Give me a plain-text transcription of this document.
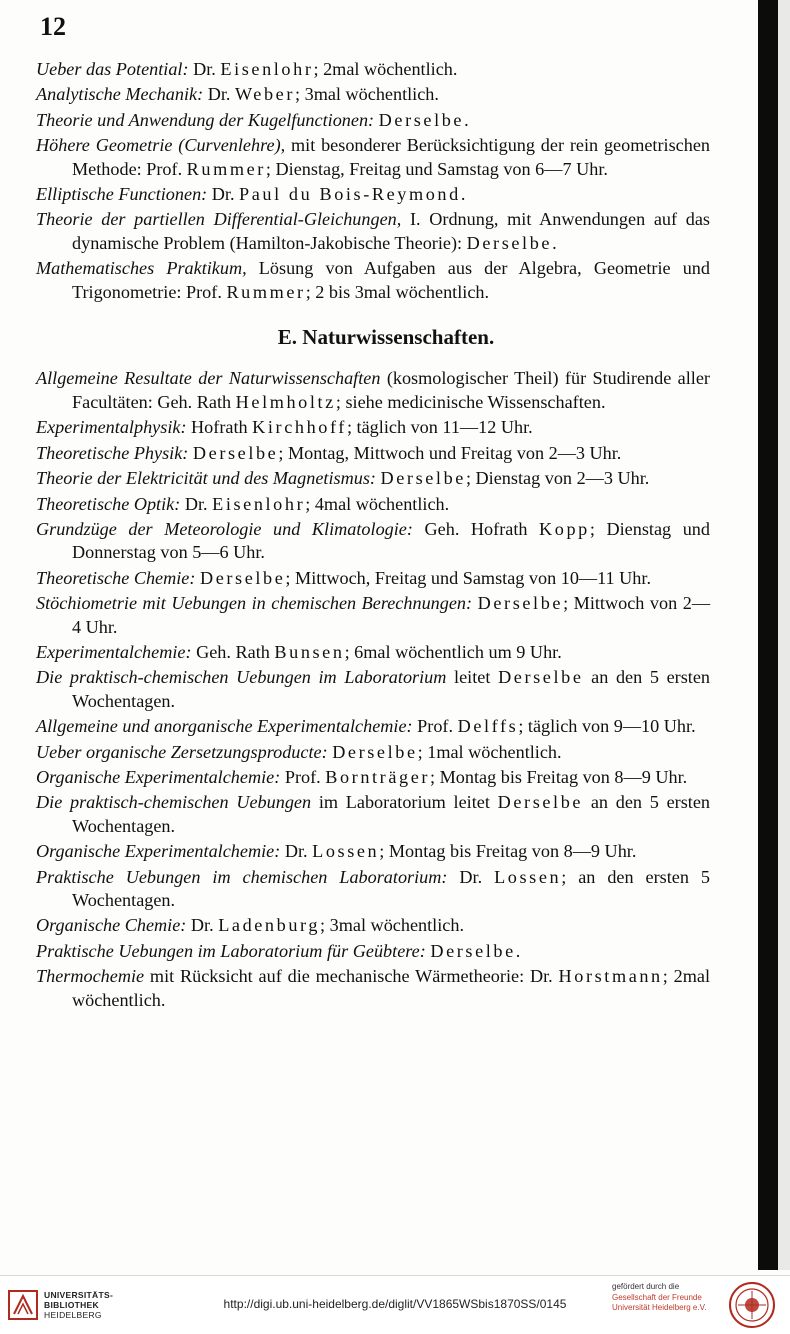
12

Ueber das Potential: Dr. Eisenlohr; 2mal wöchentlich.

Analytische Mechanik: Dr. Weber; 3mal wöchentlich.

Theorie und Anwendung der Kugelfunctionen: Derselbe.

Höhere Geometrie (Curvenlehre), mit besonderer Berücksichtigung der rein geometrischen Methode: Prof. Rummer; Dienstag, Freitag und Samstag von 6—7 Uhr.

Elliptische Functionen: Dr. Paul du Bois-Reymond.

Theorie der partiellen Differential-Gleichungen, I. Ordnung, mit Anwendungen auf das dynamische Problem (Hamilton-Jakobische Theorie): Derselbe.

Mathematisches Praktikum, Lösung von Aufgaben aus der Algebra, Geometrie und Trigonometrie: Prof. Rummer; 2 bis 3mal wöchentlich.

E. Naturwissenschaften.

Allgemeine Resultate der Naturwissenschaften (kosmologischer Theil) für Studirende aller Facultäten: Geh. Rath Helmholtz; siehe medicinische Wissenschaften.

Experimentalphysik: Hofrath Kirchhoff; täglich von 11—12 Uhr.

Theoretische Physik: Derselbe; Montag, Mittwoch und Freitag von 2—3 Uhr.

Theorie der Elektricität und des Magnetismus: Derselbe; Dienstag von 2—3 Uhr.

Theoretische Optik: Dr. Eisenlohr; 4mal wöchentlich.

Grundzüge der Meteorologie und Klimatologie: Geh. Hofrath Kopp; Dienstag und Donnerstag von 5—6 Uhr.

Theoretische Chemie: Derselbe; Mittwoch, Freitag und Samstag von 10—11 Uhr.

Stöchiometrie mit Uebungen in chemischen Berechnungen: Derselbe; Mittwoch von 2—4 Uhr.

Experimentalchemie: Geh. Rath Bunsen; 6mal wöchentlich um 9 Uhr.

Die praktisch-chemischen Uebungen im Laboratorium leitet Derselbe an den 5 ersten Wochentagen.

Allgemeine und anorganische Experimentalchemie: Prof. Delffs; täglich von 9—10 Uhr.

Ueber organische Zersetzungsproducte: Derselbe; 1mal wöchentlich.

Organische Experimentalchemie: Prof. Bornträger; Montag bis Freitag von 8—9 Uhr.

Die praktisch-chemischen Uebungen im Laboratorium leitet Derselbe an den 5 ersten Wochentagen.

Organische Experimentalchemie: Dr. Lossen; Montag bis Freitag von 8—9 Uhr.

Praktische Uebungen im chemischen Laboratorium: Dr. Lossen; an den ersten 5 Wochentagen.

Organische Chemie: Dr. Ladenburg; 3mal wöchentlich.

Praktische Uebungen im Laboratorium für Geübtere: Derselbe.

Thermochemie mit Rücksicht auf die mechanische Wärmetheorie: Dr. Horstmann; 2mal wöchentlich.

UNIVERSITÄTS-
BIBLIOTHEK
HEIDELBERG
http://digi.ub.uni-heidelberg.de/diglit/VV1865WSbis1870SS/0145
gefördert durch die
Gesellschaft der Freunde
Universität Heidelberg e.V.
